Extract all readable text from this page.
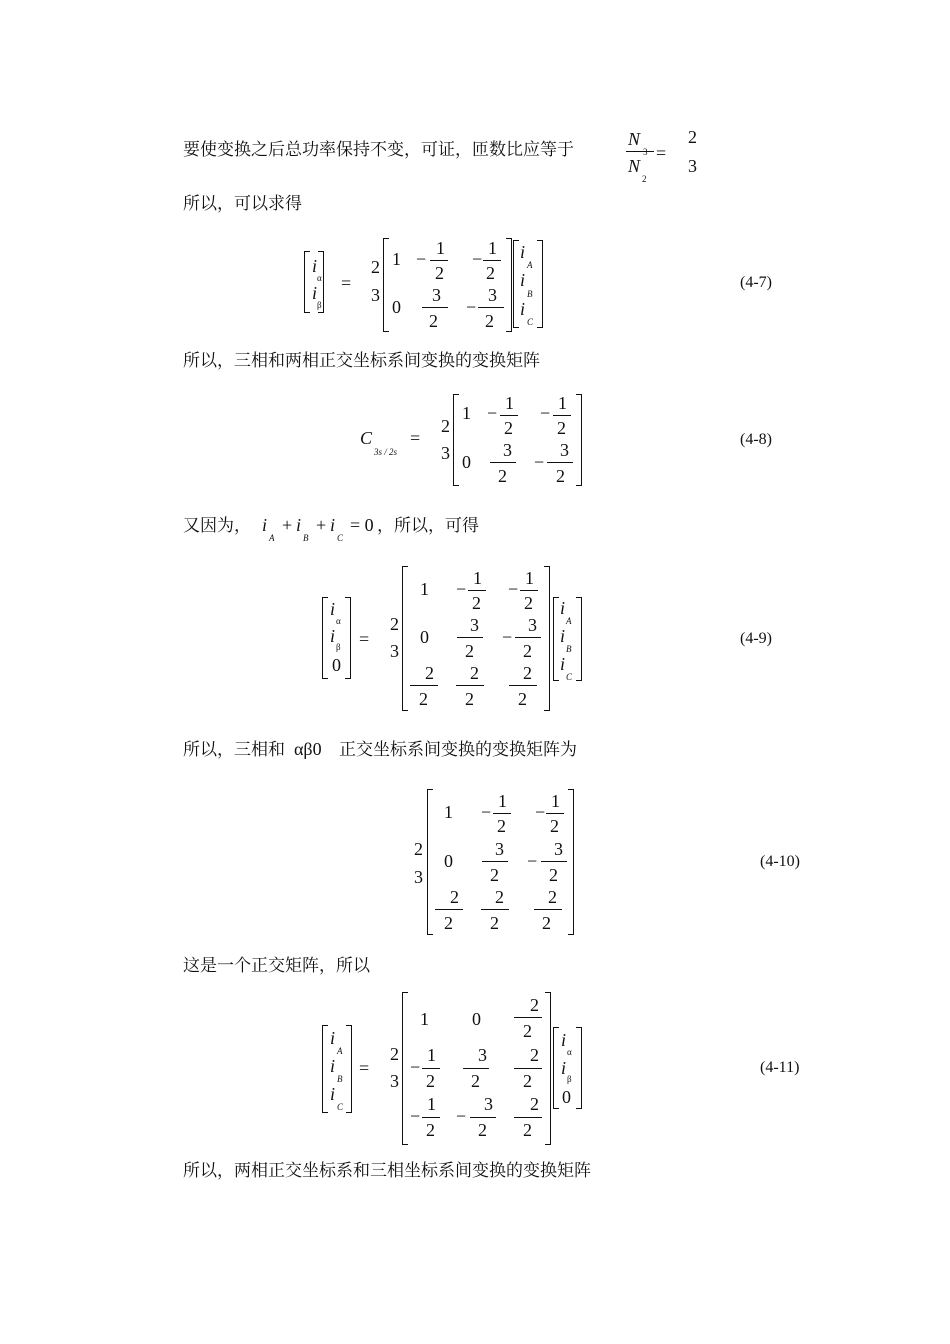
要使变换之后总功率保持不变，可证，匝数比应等于
N
N
2
=
2
3
所以，可以求得
i
α
i
β
=
2
3
1 −
1
2
−
1
2
0
3
2
−
3
2
i
A
i
B
i
C
(4-7)
所以，三相和两相正交坐标系间变换的变换矩阵
C
3s / 2s
=
2
3
1 − 1
2
− 1
2
0
3
2
−
3
2
(4-8)
又因为， i
A
+ i
B
+ i
C
= 0 ，所以，可得
i
α
i
β
0
=
2
3
1 −
1
2
−
1
2
0
3
2
−
3
2
2
2
2
2
2
2
i
A
i
B
i
C
(4-9)
所以，三相和 αβ0 正交坐标系间变换的变换矩阵为
2
3
1 −
1
2
−
1
2
0
3
2
−
3
2
2
2
2
2
2
2
(4-10)
这是一个正交矩阵，所以
i
A
i
B
i
C
=
2
3
1 0
2
2
−
1
2
3
2
2
2
−
1
2
−
3
2
2
2
i
α
i
β
0
(4-11)
所以，两相正交坐标系和三相坐标系间变换的变换矩阵
